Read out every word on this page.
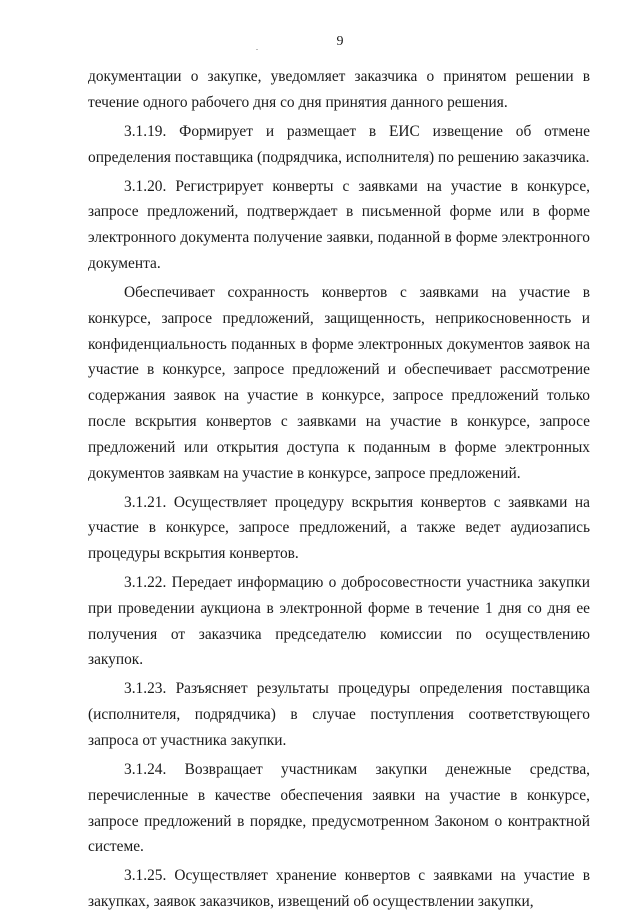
9

документации о закупке, уведомляет заказчика о принятом решении в течение одного рабочего дня со дня принятия данного решения.

3.1.19. Формирует и размещает в ЕИС извещение об отмене определения поставщика (подрядчика, исполнителя) по решению заказчика.

3.1.20. Регистрирует конверты с заявками на участие в конкурсе, запросе предложений, подтверждает в письменной форме или в форме электронного документа получение заявки, поданной в форме электронного документа.

Обеспечивает сохранность конвертов с заявками на участие в конкурсе, запросе предложений, защищенность, неприкосновенность и конфиденциальность поданных в форме электронных документов заявок на участие в конкурсе, запросе предложений и обеспечивает рассмотрение содержания заявок на участие в конкурсе, запросе предложений только после вскрытия конвертов с заявками на участие в конкурсе, запросе предложений или открытия доступа к поданным в форме электронных документов заявкам на участие в конкурсе, запросе предложений.

3.1.21. Осуществляет процедуру вскрытия конвертов с заявками на участие в конкурсе, запросе предложений, а также ведет аудиозапись процедуры вскрытия конвертов.

3.1.22. Передает информацию о добросовестности участника закупки при проведении аукциона в электронной форме в течение 1 дня со дня ее получения от заказчика председателю комиссии по осуществлению закупок.

3.1.23. Разъясняет результаты процедуры определения поставщика (исполнителя, подрядчика) в случае поступления соответствующего запроса от участника закупки.

3.1.24. Возвращает участникам закупки денежные средства, перечисленные в качестве обеспечения заявки на участие в конкурсе, запросе предложений в порядке, предусмотренном Законом о контрактной системе.

3.1.25. Осуществляет хранение конвертов с заявками на участие в закупках, заявок заказчиков, извещений об осуществлении закупки,
